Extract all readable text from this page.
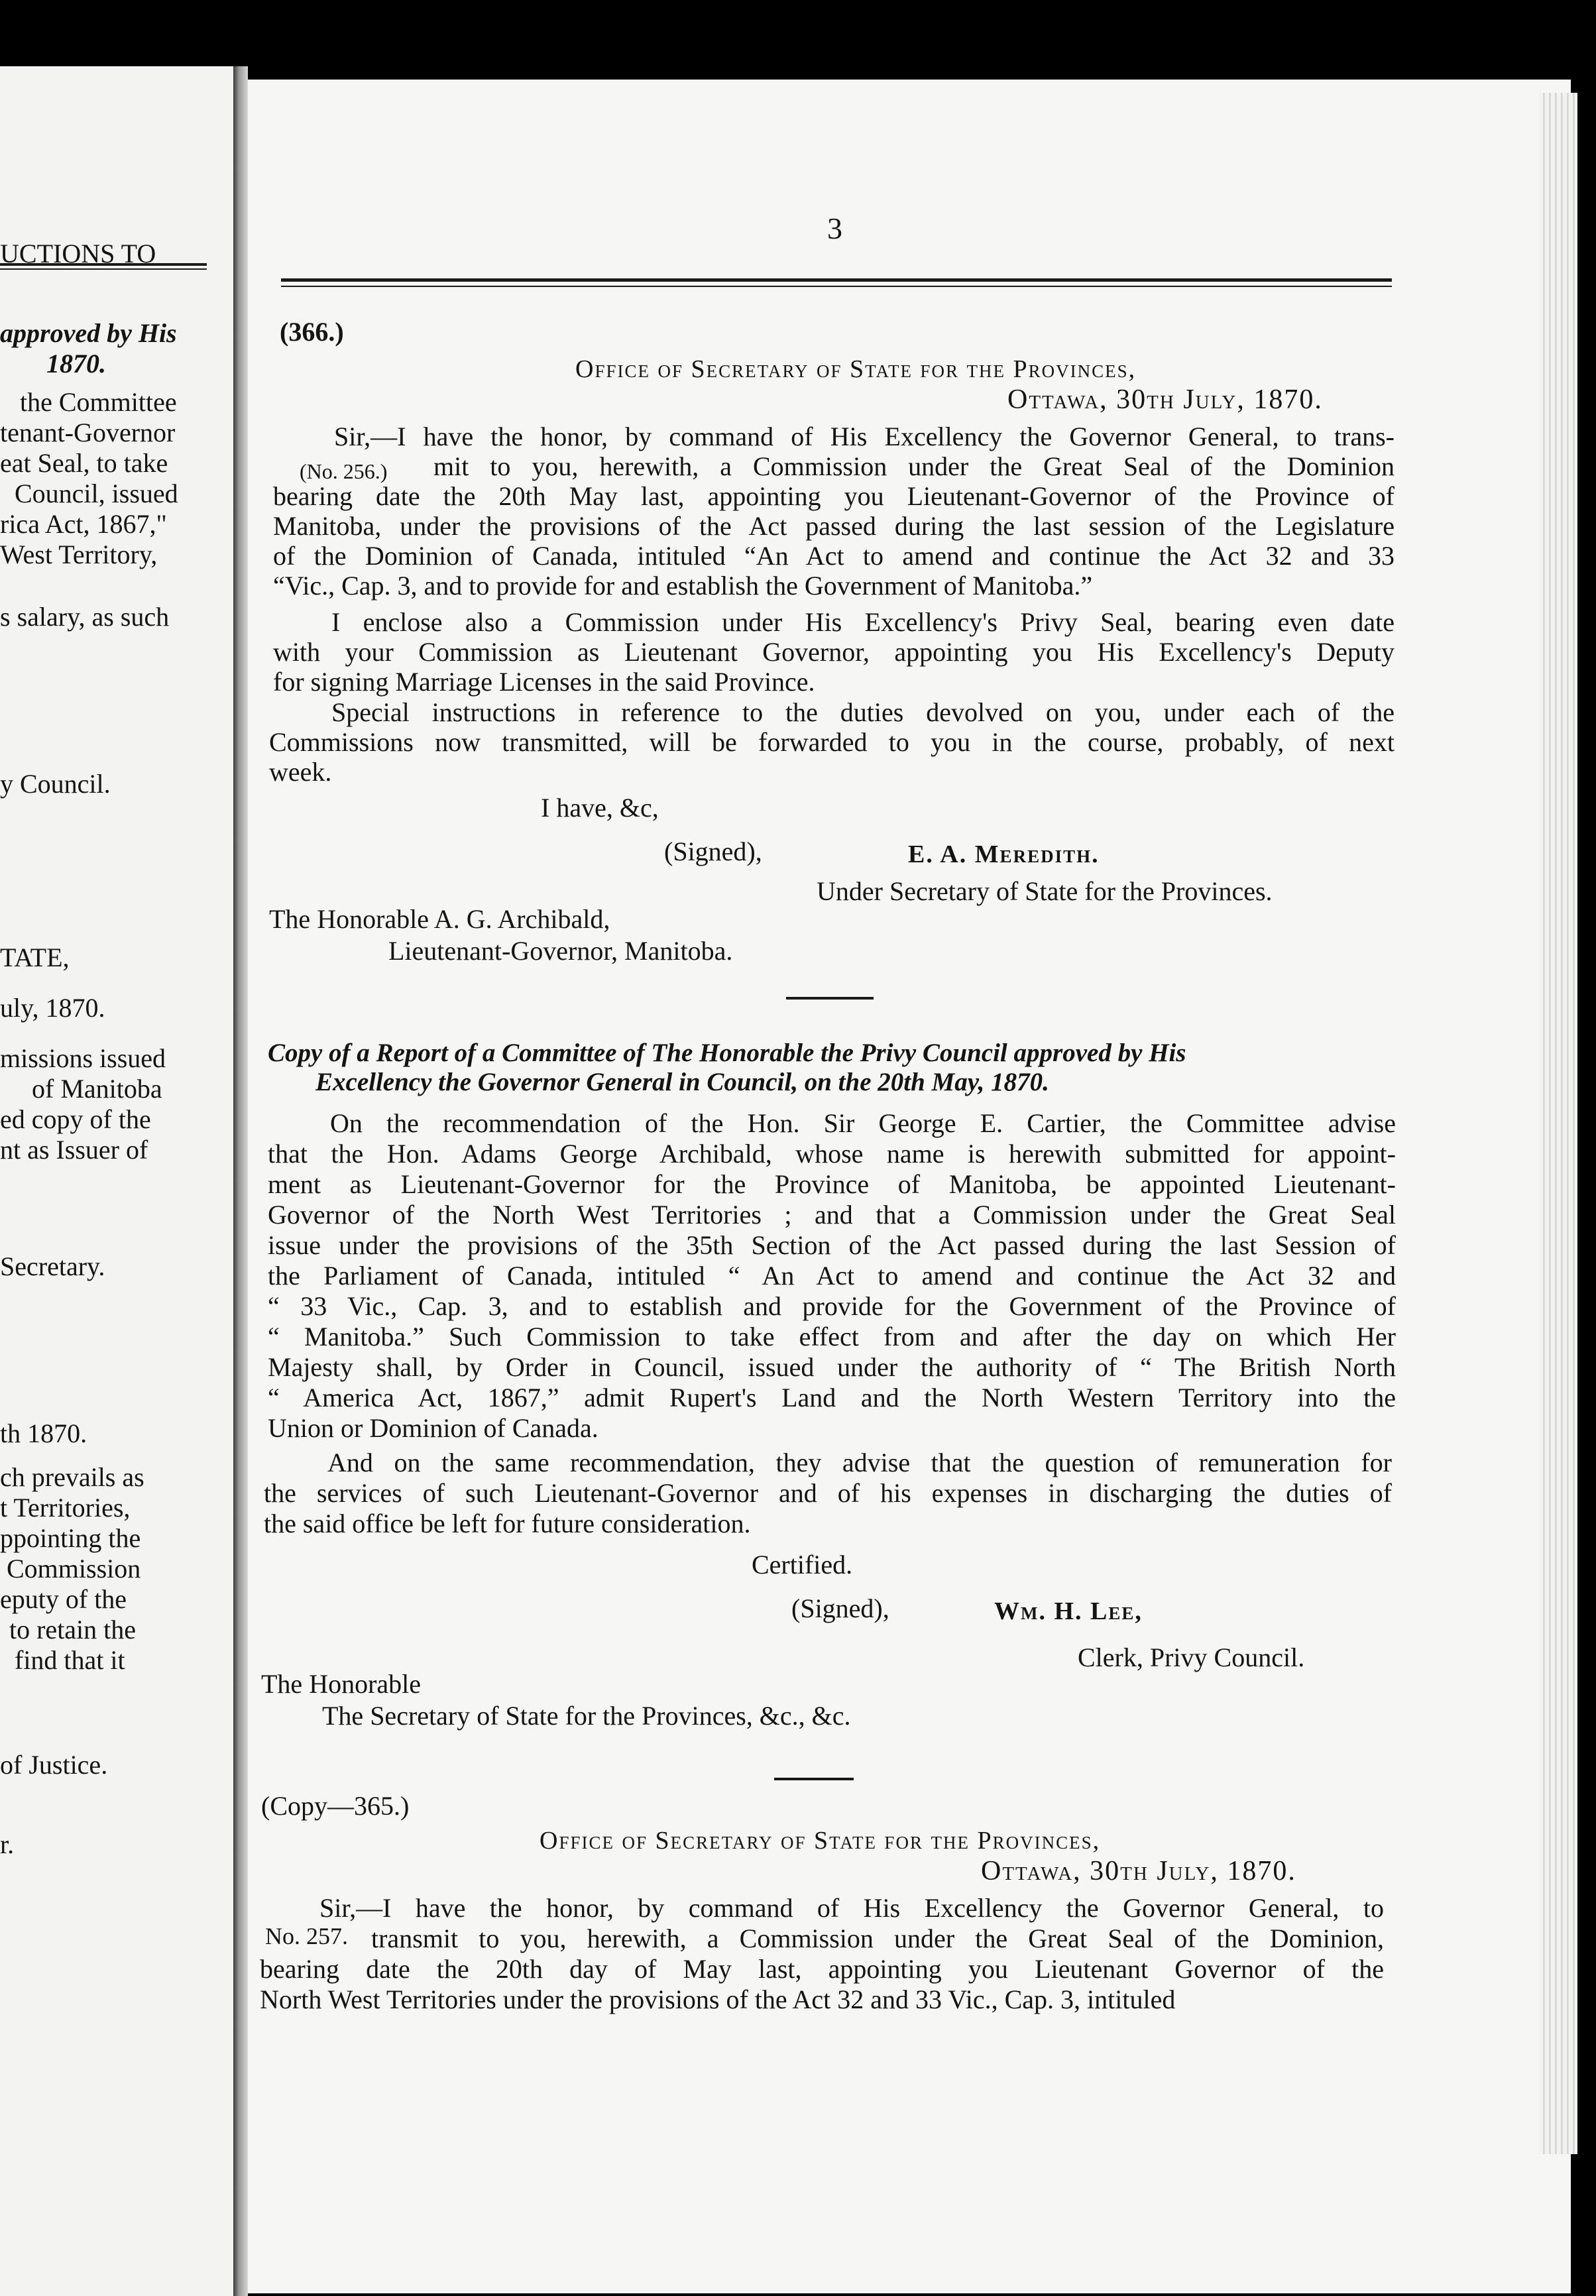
3
(366.)
Office of Secretary of State for the Provinces,
Ottawa, 30th July, 1870.
(No. 256.)
Sir,—I have the honor, by command of His Excellency the Governor General, to trans-
mit to you, herewith, a Commission under the Great Seal of the Dominion
bearing date the 20th May last, appointing you Lieutenant-Governor of the Province of
Manitoba, under the provisions of the Act passed during the last session of the Legislature
of the Dominion of Canada, intituled “An Act to amend and continue the Act 32 and 33
“Vic., Cap. 3, and to provide for and establish the Government of Manitoba.”
I enclose also a Commission under His Excellency's Privy Seal, bearing even date
with your Commission as Lieutenant Governor, appointing you His Excellency's Deputy
for signing Marriage Licenses in the said Province.
Special instructions in reference to the duties devolved on you, under each of the
Commissions now transmitted, will be forwarded to you in the course, probably, of next
week.
I have, &c,
(Signed),	E. A. Meredith.
Under Secretary of State for the Provinces.
The Honorable A. G. Archibald,
Lieutenant-Governor, Manitoba.
Copy of a Report of a Committee of The Honorable the Privy Council approved by His
Excellency the Governor General in Council, on the 20th May, 1870.
On the recommendation of the Hon. Sir George E. Cartier, the Committee advise
that the Hon. Adams George Archibald, whose name is herewith submitted for appoint-
ment as Lieutenant-Governor for the Province of Manitoba, be appointed Lieutenant-
Governor of the North West Territories ; and that a Commission under the Great Seal
issue under the provisions of the 35th Section of the Act passed during the last Session of
the Parliament of Canada, intituled “ An Act to amend and continue the Act 32 and
“ 33 Vic., Cap. 3, and to establish and provide for the Government of the Province of
“ Manitoba.” Such Commission to take effect from and after the day on which Her
Majesty shall, by Order in Council, issued under the authority of “ The British North
“ America Act, 1867,” admit Rupert's Land and the North Western Territory into the
Union or Dominion of Canada.
And on the same recommendation, they advise that the question of remuneration for
the services of such Lieutenant-Governor and of his expenses in discharging the duties of
the said office be left for future consideration.
Certified.
(Signed),	Wm. H. Lee,
Clerk, Privy Council.
The Honorable
The Secretary of State for the Provinces, &c., &c.
(Copy—365.)
Office of Secretary of State for the Provinces,
Ottawa, 30th July, 1870.
No. 257.
Sir,—I have the honor, by command of His Excellency the Governor General, to
transmit to you, herewith, a Commission under the Great Seal of the Dominion,
bearing date the 20th day of May last, appointing you Lieutenant Governor of the
North West Territories under the provisions of the Act 32 and 33 Vic., Cap. 3, intituled
UCTIONS TO
approved by His
1870.
the Committee
tenant-Governor
eat Seal, to take
Council, issued
rica Act, 1867,"
West Territory,
s salary, as such
y Council.
TATE,
uly, 1870.
missions issued
of Manitoba
ed copy of the
nt as Issuer of
Secretary.
th 1870.
ch prevails as
t Territories,
ppointing the
Commission
eputy of the
to retain the
find that it
of Justice.
r.
